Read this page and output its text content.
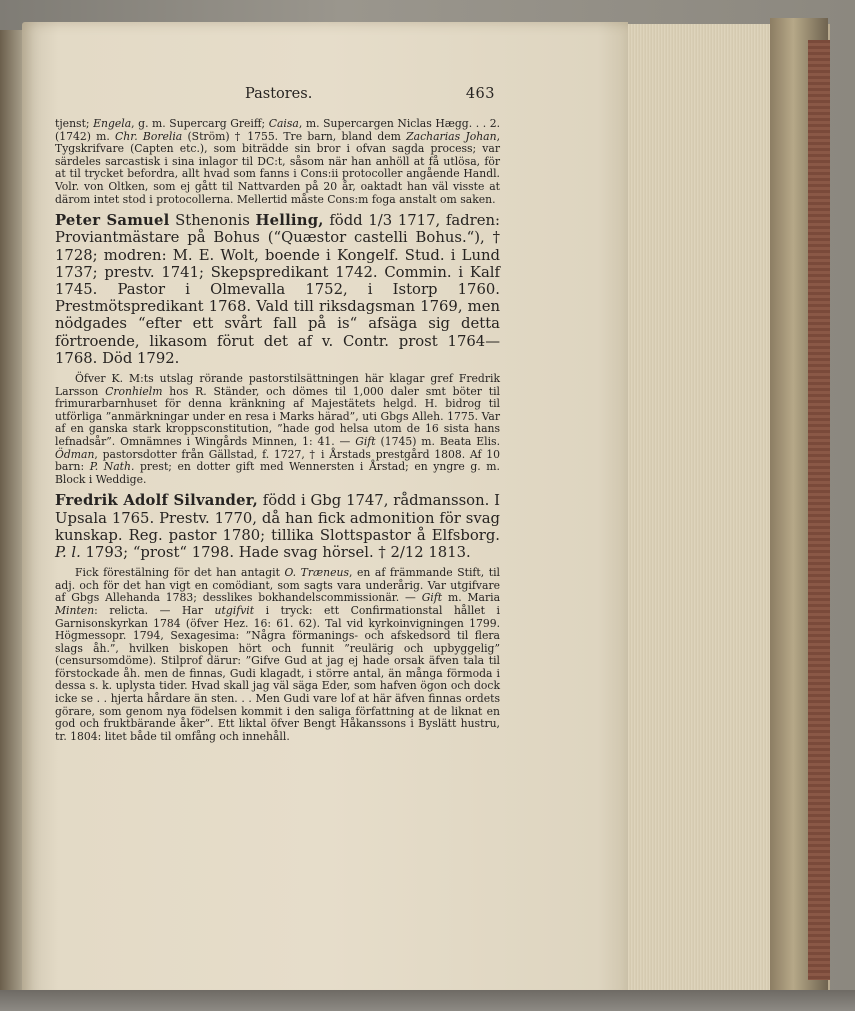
Pastores.	463

tjenst; Engela, g. m. Supercarg Greiff; Caisa, m. Supercargen Niclas Hægg. . . 2. (1742) m. Chr. Borelia (Ström) † 1755. Tre barn, bland dem Zacharias Johan, Tygskrifvare (Capten etc.), som biträdde sin bror i ofvan sagda process; var särdeles sarcastisk i sina inlagor til DC:t, såsom när han anhöll at få utlösa, för at til trycket befordra, allt hvad som fanns i Cons:ii protocoller angående Handl. Volr. von Oltken, som ej gått til Nattvarden på 20 år, oaktadt han väl visste at därom intet stod i protocollerna. Mellertid måste Cons:m foga anstalt om saken.

Peter Samuel Sthenonis Helling, född 1/3 1717, fadren: Proviantmästare på Bohus (“Quæstor castelli Bohus.“), † 1728; modren: M. E. Wolt, boende i Kongelf. Stud. i Lund 1737; prestv. 1741; Skepspredikant 1742. Commin. i Kalf 1745. Pastor i Olmevalla 1752, i Istorp 1760. Prestmötspredikant 1768. Vald till riksdagsman 1769, men nödgades “efter ett svårt fall på is“ afsäga sig detta förtroende, likasom förut det af v. Contr. prost 1764—1768. Död 1792.

Öfver K. M:ts utslag rörande pastorstilsättningen här klagar gref Fredrik Larsson Cronhielm hos R. Ständer, och dömes til 1,000 daler smt böter til frimurarbarnhuset för denna kränkning af Majestätets helgd. H. bidrog til utförliga ”anmärkningar under en resa i Marks härad”, uti Gbgs Alleh. 1775. Var af en ganska stark kroppsconstitution, ”hade god helsa utom de 16 sista hans lefnadsår”. Omnämnes i Wingårds Minnen, 1: 41. — Gift (1745) m. Beata Elis. Ödman, pastorsdotter från Gällstad, f. 1727, † i Årstads prestgård 1808. Af 10 barn: P. Nath. prest; en dotter gift med Wennersten i Årstad; en yngre g. m. Block i Weddige.

Fredrik Adolf Silvander, född i Gbg 1747, rådmansson. I Upsala 1765. Prestv. 1770, då han fick admonition för svag kunskap. Reg. pastor 1780; tillika Slottspastor å Elfsborg. P. l. 1793; “prost“ 1798. Hade svag hörsel. † 2/12 1813.

Fick förestälning för det han antagit O. Træneus, en af främmande Stift, til adj. och för det han vigt en comödiant, som sagts vara underårig. Var utgifvare af Gbgs Allehanda 1783; desslikes bokhandelscommissionär. — Gift m. Maria Minten: relicta. — Har utgifvit i tryck: ett Confirmationstal hållet i Garnisonskyrkan 1784 (öfver Hez. 16: 61. 62). Tal vid kyrkoinvigningen 1799. Högmessopr. 1794, Sexagesima: ”Några förmanings- och afskedsord til flera slags åh.”, hvilken biskopen hört och funnit ”reulärig och upbyggelig” (censursomdöme). Stilprof därur: ”Gifve Gud at jag ej hade orsak äfven tala til förstockade åh. men de finnas, Gudi klagadt, i större antal, än många förmoda i dessa s. k. uplysta tider. Hvad skall jag väl säga Eder, som hafven ögon och dock icke se . . hjerta hårdare än sten. . . Men Gudi vare lof at här äfven finnas ordets görare, som genom nya födelsen kommit i den saliga författning at de liknat en god och fruktbärande åker”. Ett liktal öfver Bengt Håkanssons i Byslätt hustru, tr. 1804: litet både til omfång och innehåll.
